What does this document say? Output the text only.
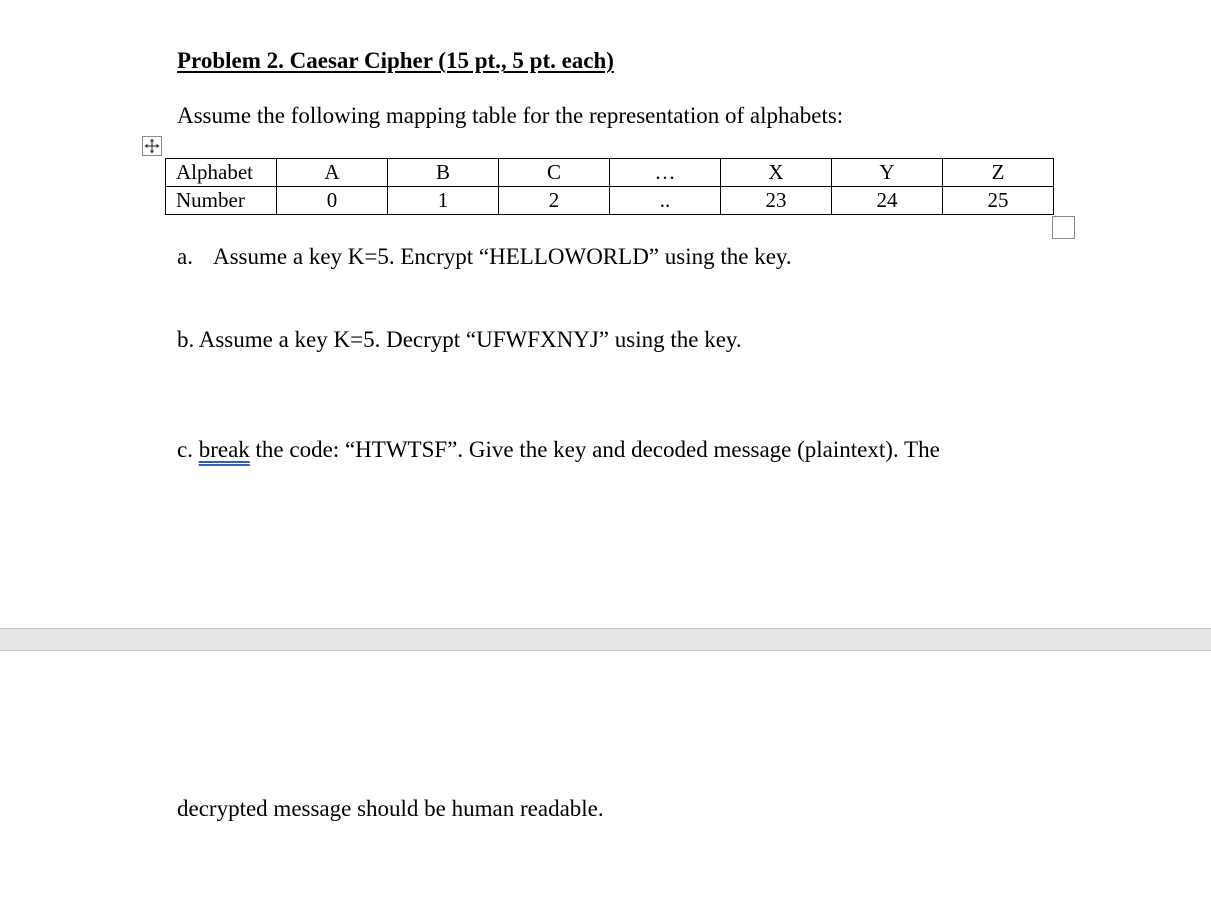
Problem 2. Caesar Cipher (15 pt., 5 pt. each)
Assume the following mapping table for the representation of alphabets:
Alphabet	A	B	C	…	X	Y	Z
Number	0	1	2	..	23	24	25
a. Assume a key K=5. Encrypt “HELLOWORLD” using the key.
b. Assume a key K=5. Decrypt “UFWFXNYJ” using the key.
c. break the code: “HTWTSF”. Give the key and decoded message (plaintext). The
decrypted message should be human readable.
